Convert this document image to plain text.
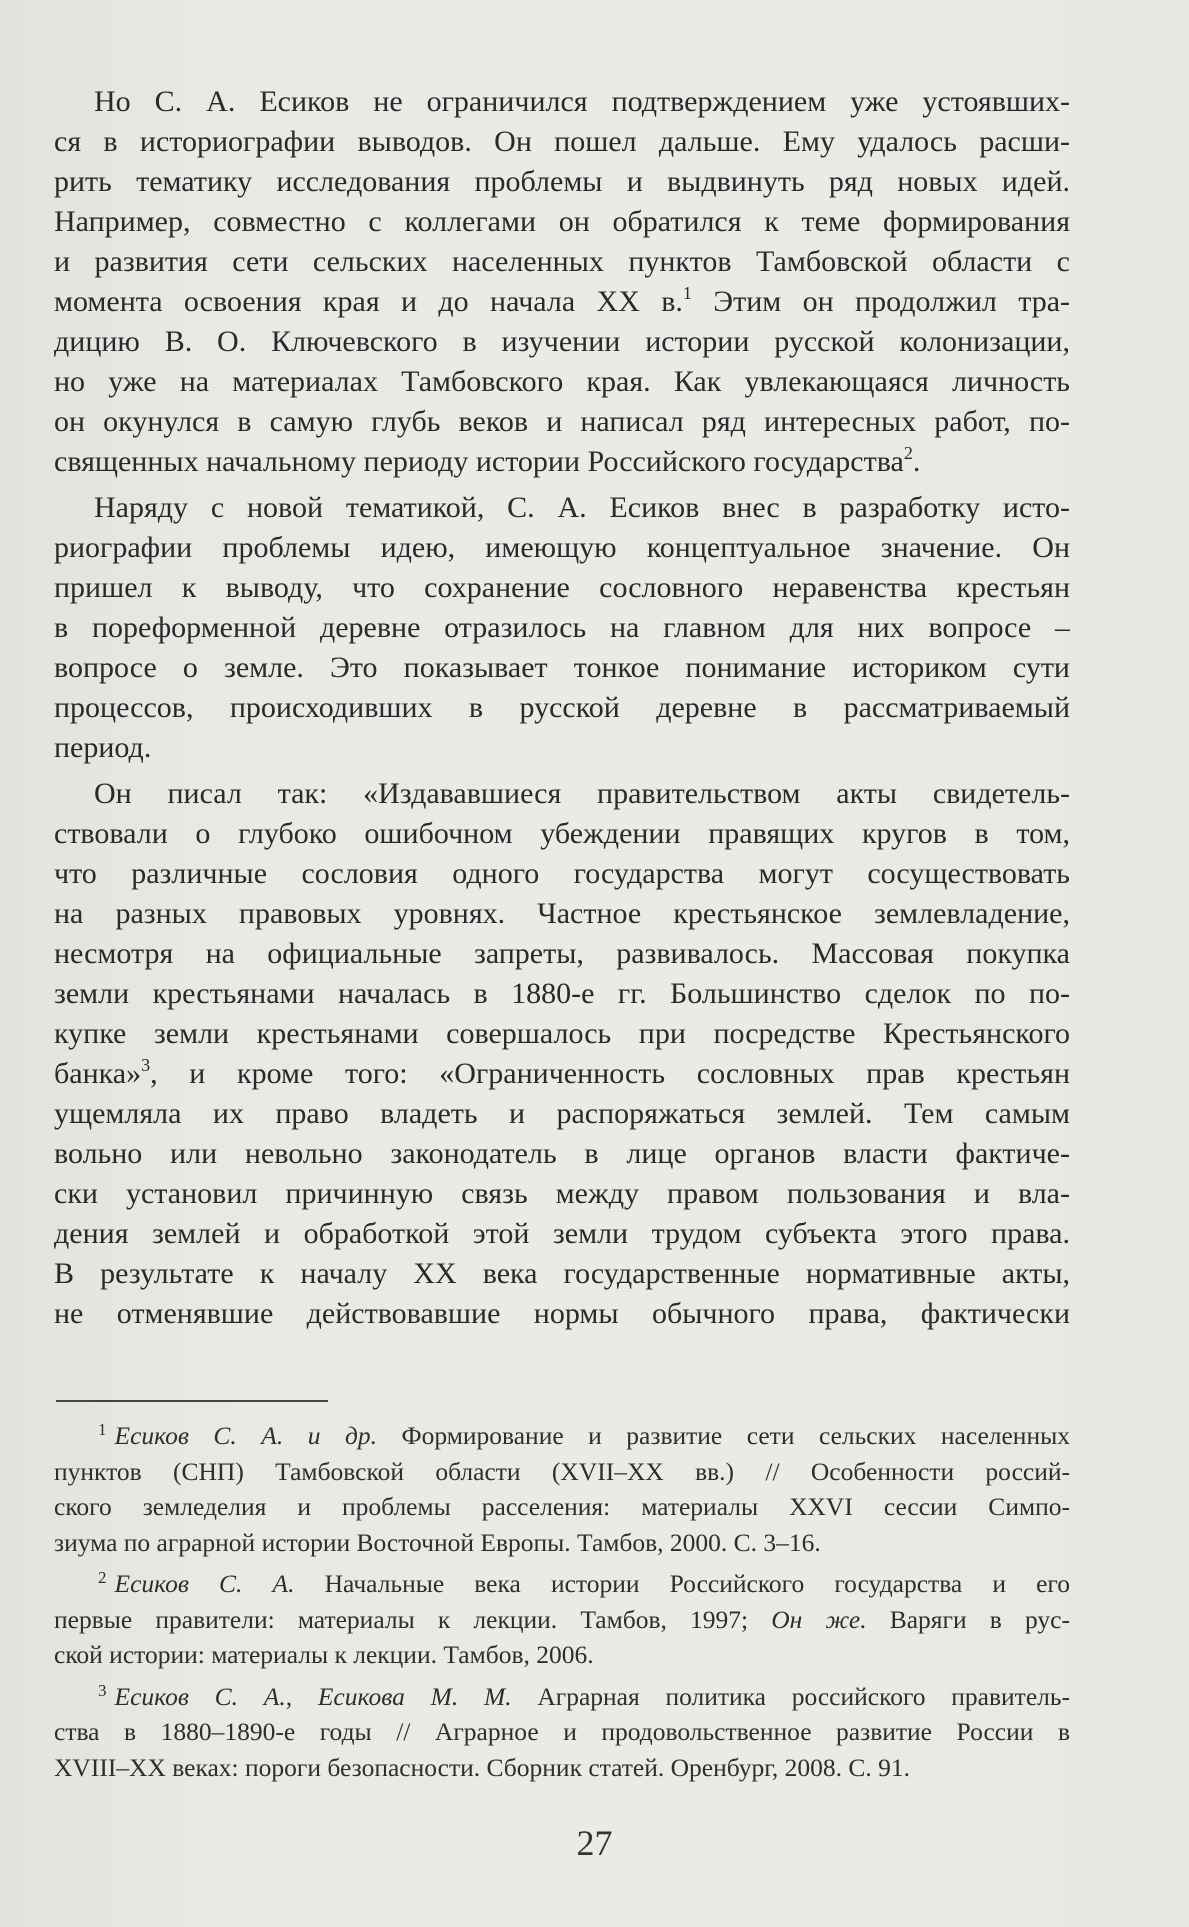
Но С. А. Есиков не ограничился подтверждением уже устоявших-
ся в историографии выводов. Он пошел дальше. Ему удалось расши-
рить тематику исследования проблемы и выдвинуть ряд новых идей.
Например, совместно с коллегами он обратился к теме формирования
и развития сети сельских населенных пунктов Тамбовской области с
момента освоения края и до начала XX в.$^1$ Этим он продолжил тра-
дицию В. О. Ключевского в изучении истории русской колонизации,
но уже на материалах Тамбовского края. Как увлекающаяся личность
он окунулся в самую глубь веков и написал ряд интересных работ, по-
священных начальному периоду истории Российского государства$^2$.
Наряду с новой тематикой, С. А. Есиков внес в разработку исто-
риографии проблемы идею, имеющую концептуальное значение. Он
пришел к выводу, что сохранение сословного неравенства крестьян
в пореформенной деревне отразилось на главном для них вопросе –
вопросе о земле. Это показывает тонкое понимание историком сути
процессов, происходивших в русской деревне в рассматриваемый
период.
Он писал так: «Издававшиеся правительством акты свидетель-
ствовали о глубоко ошибочном убеждении правящих кругов в том,
что различные сословия одного государства могут сосуществовать
на разных правовых уровнях. Частное крестьянское землевладение,
несмотря на официальные запреты, развивалось. Массовая покупка
земли крестьянами началась в 1880-е гг. Большинство сделок по по-
купке земли крестьянами совершалось при посредстве Крестьянского
банка»$^3$, и кроме того: «Ограниченность сословных прав крестьян
ущемляла их право владеть и распоряжаться землей. Тем самым
вольно или невольно законодатель в лице органов власти фактиче-
ски установил причинную связь между правом пользования и вла-
дения землей и обработкой этой земли трудом субъекта этого права.
В результате к началу XX века государственные нормативные акты,
не отменявшие действовавшие нормы обычного права, фактически
$^1$ Есиков С. А. и др. Формирование и развитие сети сельских населенных
пунктов (СНП) Тамбовской области (XVII–XX вв.) // Особенности россий-
ского земледелия и проблемы расселения: материалы XXVI сессии Симпо-
зиума по аграрной истории Восточной Европы. Тамбов, 2000. С. 3–16.
$^2$ Есиков С. А. Начальные века истории Российского государства и его
первые правители: материалы к лекции. Тамбов, 1997; Он же. Варяги в рус-
ской истории: материалы к лекции. Тамбов, 2006.
$^3$ Есиков С. А., Есикова М. М. Аграрная политика российского правитель-
ства в 1880–1890-е годы // Аграрное и продовольственное развитие России в
XVIII–XX веках: пороги безопасности. Сборник статей. Оренбург, 2008. С. 91.
27
